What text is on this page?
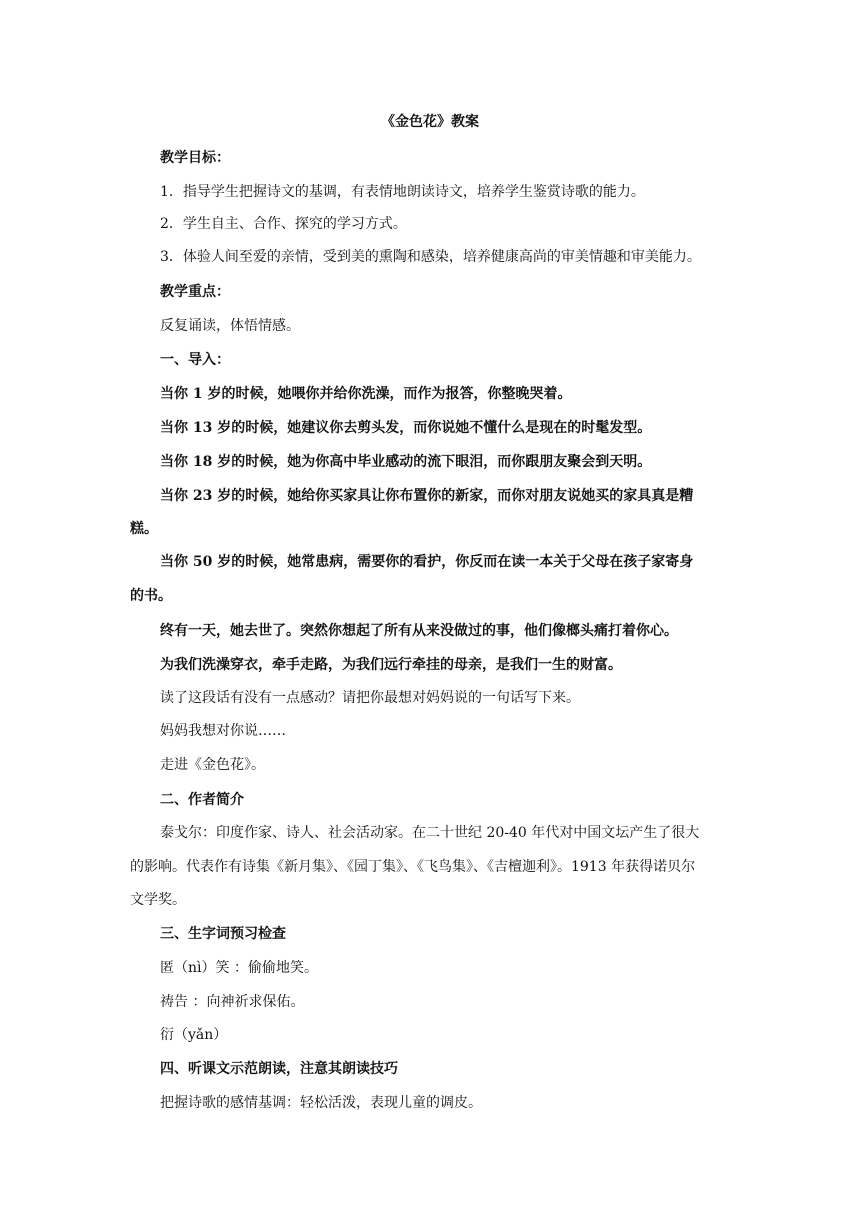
《金色花》教案
教学目标：
1．指导学生把握诗文的基调，有表情地朗读诗文，培养学生鉴赏诗歌的能力。
2．学生自主、合作、探究的学习方式。
3．体验人间至爱的亲情，受到美的熏陶和感染，培养健康高尚的审美情趣和审美能力。
教学重点：
反复诵读，体悟情感。
一、导入：
当你 1 岁的时候，她喂你并给你洗澡，而作为报答，你整晚哭着。
当你 13 岁的时候，她建议你去剪头发，而你说她不懂什么是现在的时髦发型。
当你 18 岁的时候，她为你高中毕业感动的流下眼泪，而你跟朋友聚会到天明。
当你 23 岁的时候，她给你买家具让你布置你的新家，而你对朋友说她买的家具真是糟
糕。
当你 50 岁的时候，她常患病，需要你的看护，你反而在读一本关于父母在孩子家寄身
的书。
终有一天，她去世了。突然你想起了所有从来没做过的事，他们像榔头痛打着你心。
为我们洗澡穿衣，牵手走路，为我们远行牵挂的母亲，是我们一生的财富。
读了这段话有没有一点感动？请把你最想对妈妈说的一句话写下来。
妈妈我想对你说……
走进《金色花》。
二、作者简介
泰戈尔：印度作家、诗人、社会活动家。在二十世纪 20-40 年代对中国文坛产生了很大
的影响。代表作有诗集《新月集》、《园丁集》、《飞鸟集》、《吉檀迦利》。1913 年获得诺贝尔
文学奖。
三、生字词预习检查
匿（nì）笑 ：偷偷地笑。
祷告 ：向神祈求保佑。
衍（yǎn）
四、听课文示范朗读，注意其朗读技巧
把握诗歌的感情基调：轻松活泼，表现儿童的调皮。
